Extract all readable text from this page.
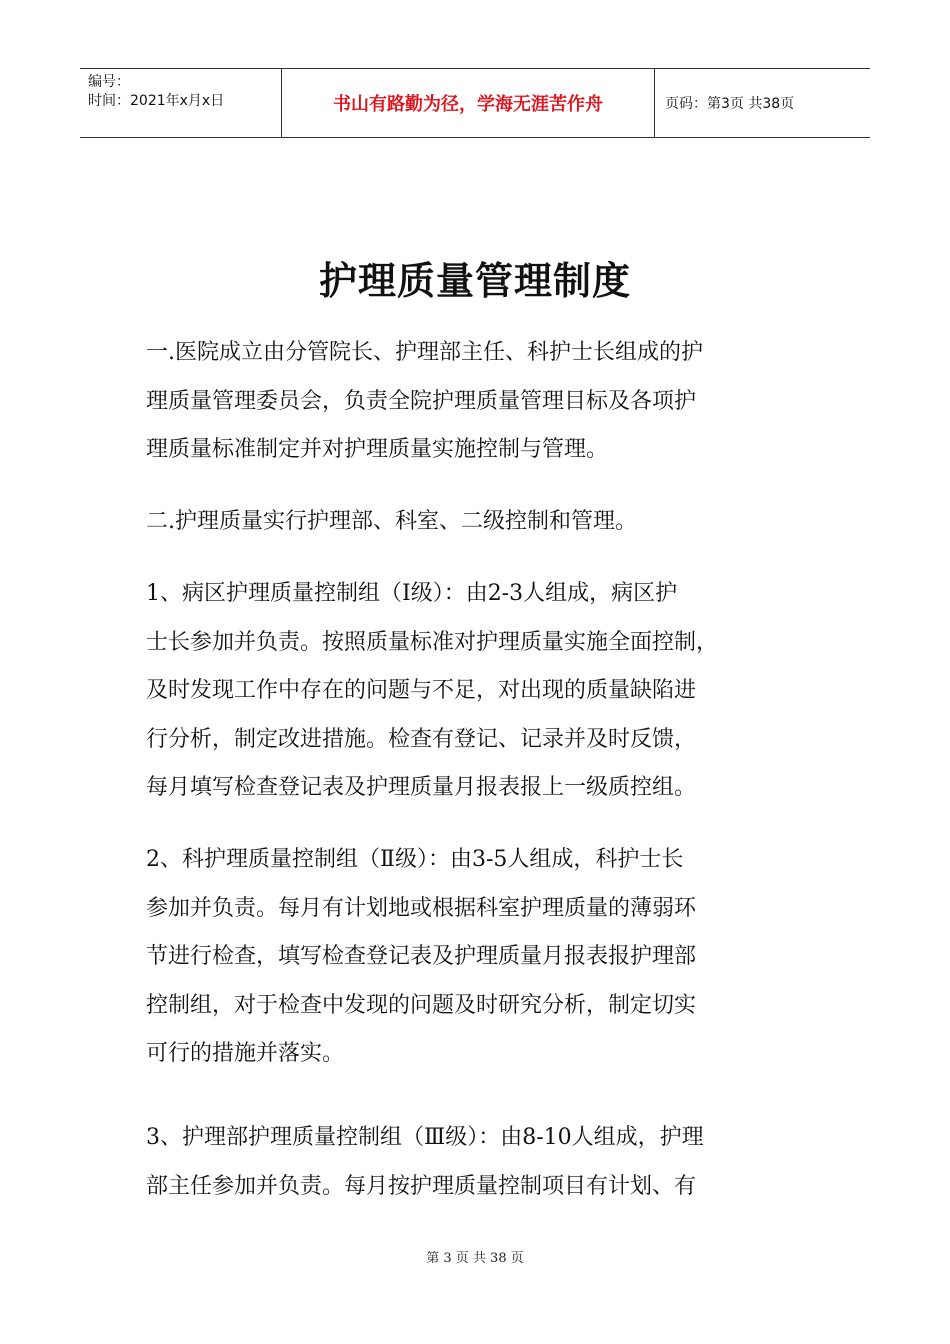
编号：
时间：2021年x月x日	书山有路勤为径，学海无涯苦作舟	页码：第3页 共38页
护理质量管理制度
一.医院成立由分管院长、护理部主任、科护士长组成的护
理质量管理委员会，负责全院护理质量管理目标及各项护
理质量标准制定并对护理质量实施控制与管理。
二.护理质量实行护理部、科室、二级控制和管理。
1、病区护理质量控制组（Ⅰ级）：由2-3人组成，病区护
士长参加并负责。按照质量标准对护理质量实施全面控制，
及时发现工作中存在的问题与不足，对出现的质量缺陷进
行分析，制定改进措施。检查有登记、记录并及时反馈，
每月填写检查登记表及护理质量月报表报上一级质控组。
2、科护理质量控制组（Ⅱ级）：由3-5人组成，科护士长
参加并负责。每月有计划地或根据科室护理质量的薄弱环
节进行检查，填写检查登记表及护理质量月报表报护理部
控制组，对于检查中发现的问题及时研究分析，制定切实
可行的措施并落实。
3、护理部护理质量控制组（Ⅲ级）：由8-10人组成，护理
部主任参加并负责。每月按护理质量控制项目有计划、有
第 3 页 共 38 页
